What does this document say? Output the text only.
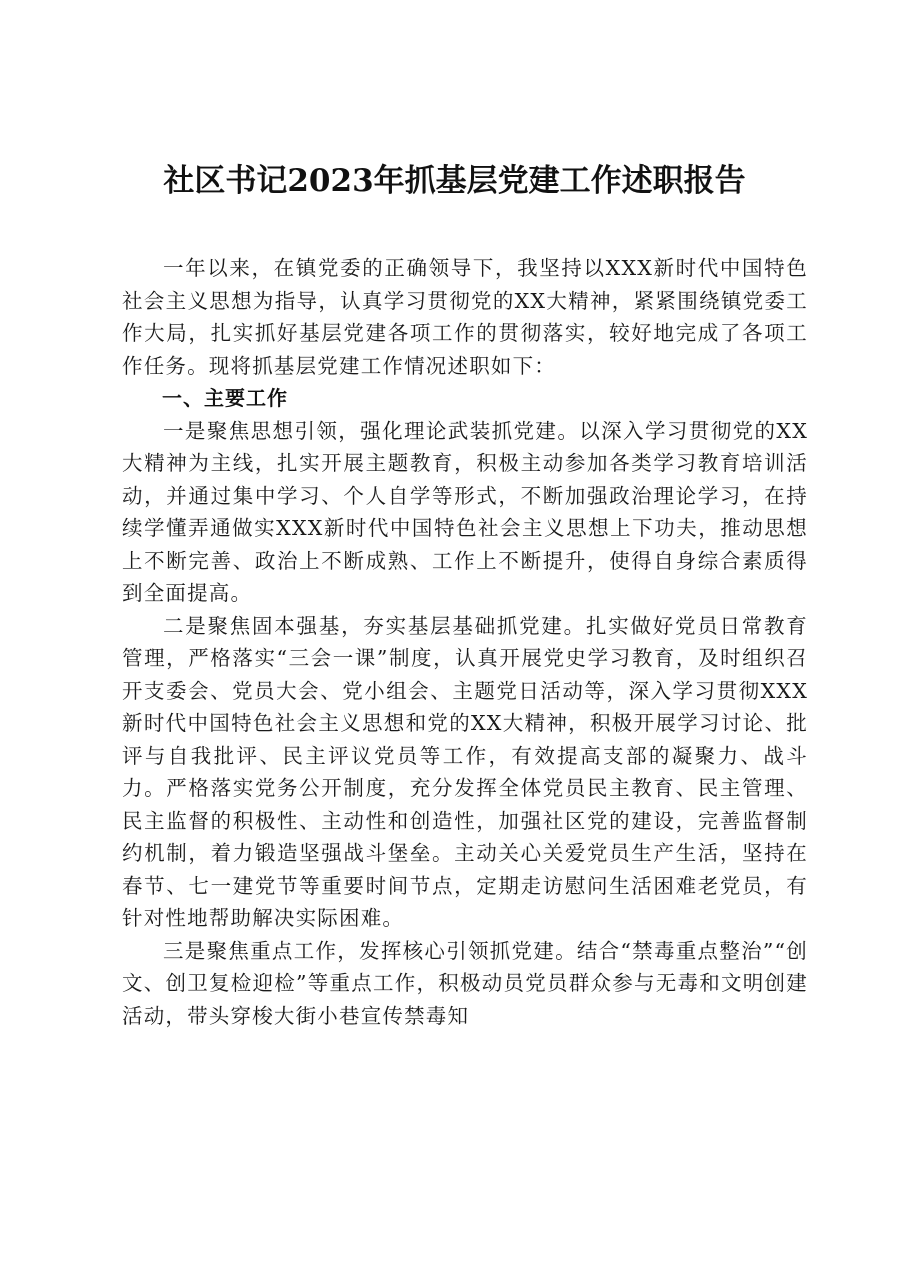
社区书记2023年抓基层党建工作述职报告

一年以来，在镇党委的正确领导下，我坚持以XXX新时代中国特色社会主义思想为指导，认真学习贯彻党的XX大精神，紧紧围绕镇党委工作大局，扎实抓好基层党建各项工作的贯彻落实，较好地完成了各项工作任务。现将抓基层党建工作情况述职如下：

一、主要工作

一是聚焦思想引领，强化理论武装抓党建。以深入学习贯彻党的XX大精神为主线，扎实开展主题教育，积极主动参加各类学习教育培训活动，并通过集中学习、个人自学等形式，不断加强政治理论学习，在持续学懂弄通做实XXX新时代中国特色社会主义思想上下功夫，推动思想上不断完善、政治上不断成熟、工作上不断提升，使得自身综合素质得到全面提高。

二是聚焦固本强基，夯实基层基础抓党建。扎实做好党员日常教育管理，严格落实“三会一课”制度，认真开展党史学习教育，及时组织召开支委会、党员大会、党小组会、主题党日活动等，深入学习贯彻XXX新时代中国特色社会主义思想和党的XX大精神，积极开展学习讨论、批评与自我批评、民主评议党员等工作，有效提高支部的凝聚力、战斗力。严格落实党务公开制度，充分发挥全体党员民主教育、民主管理、民主监督的积极性、主动性和创造性，加强社区党的建设，完善监督制约机制，着力锻造坚强战斗堡垒。主动关心关爱党员生产生活，坚持在春节、七一建党节等重要时间节点，定期走访慰问生活困难老党员，有针对性地帮助解决实际困难。

三是聚焦重点工作，发挥核心引领抓党建。结合“禁毒重点整治”“创文、创卫复检迎检”等重点工作，积极动员党员群众参与无毒和文明创建活动，带头穿梭大街小巷宣传禁毒知
